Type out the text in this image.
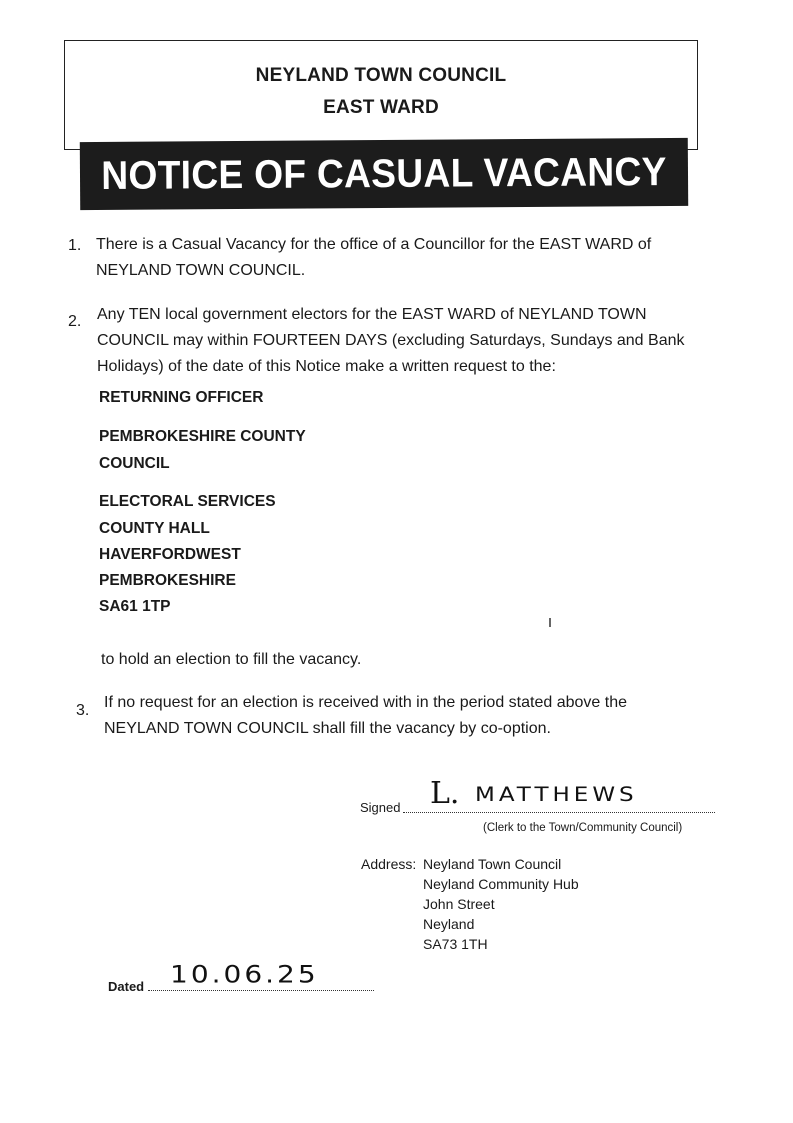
NEYLAND TOWN COUNCIL
EAST WARD
NOTICE OF CASUAL VACANCY
1. There is a Casual Vacancy for the office of a Councillor for the EAST WARD of
NEYLAND TOWN COUNCIL.
2. Any TEN local government electors for the EAST WARD of NEYLAND TOWN
COUNCIL may within FOURTEEN DAYS (excluding Saturdays, Sundays and Bank
Holidays) of the date of this Notice make a written request to the:
RETURNING OFFICER
PEMBROKESHIRE COUNTY
COUNCIL
ELECTORAL SERVICES
COUNTY HALL
HAVERFORDWEST
PEMBROKESHIRE
SA61 1TP
to hold an election to fill the vacancy.
3. If no request for an election is received with in the period stated above the
NEYLAND TOWN COUNCIL shall fill the vacancy by co-option.
Signed L. MATTHEWS
(Clerk to the Town/Community Council)
Address: Neyland Town Council
Neyland Community Hub
John Street
Neyland
SA73 1TH
Dated 10.06.25
